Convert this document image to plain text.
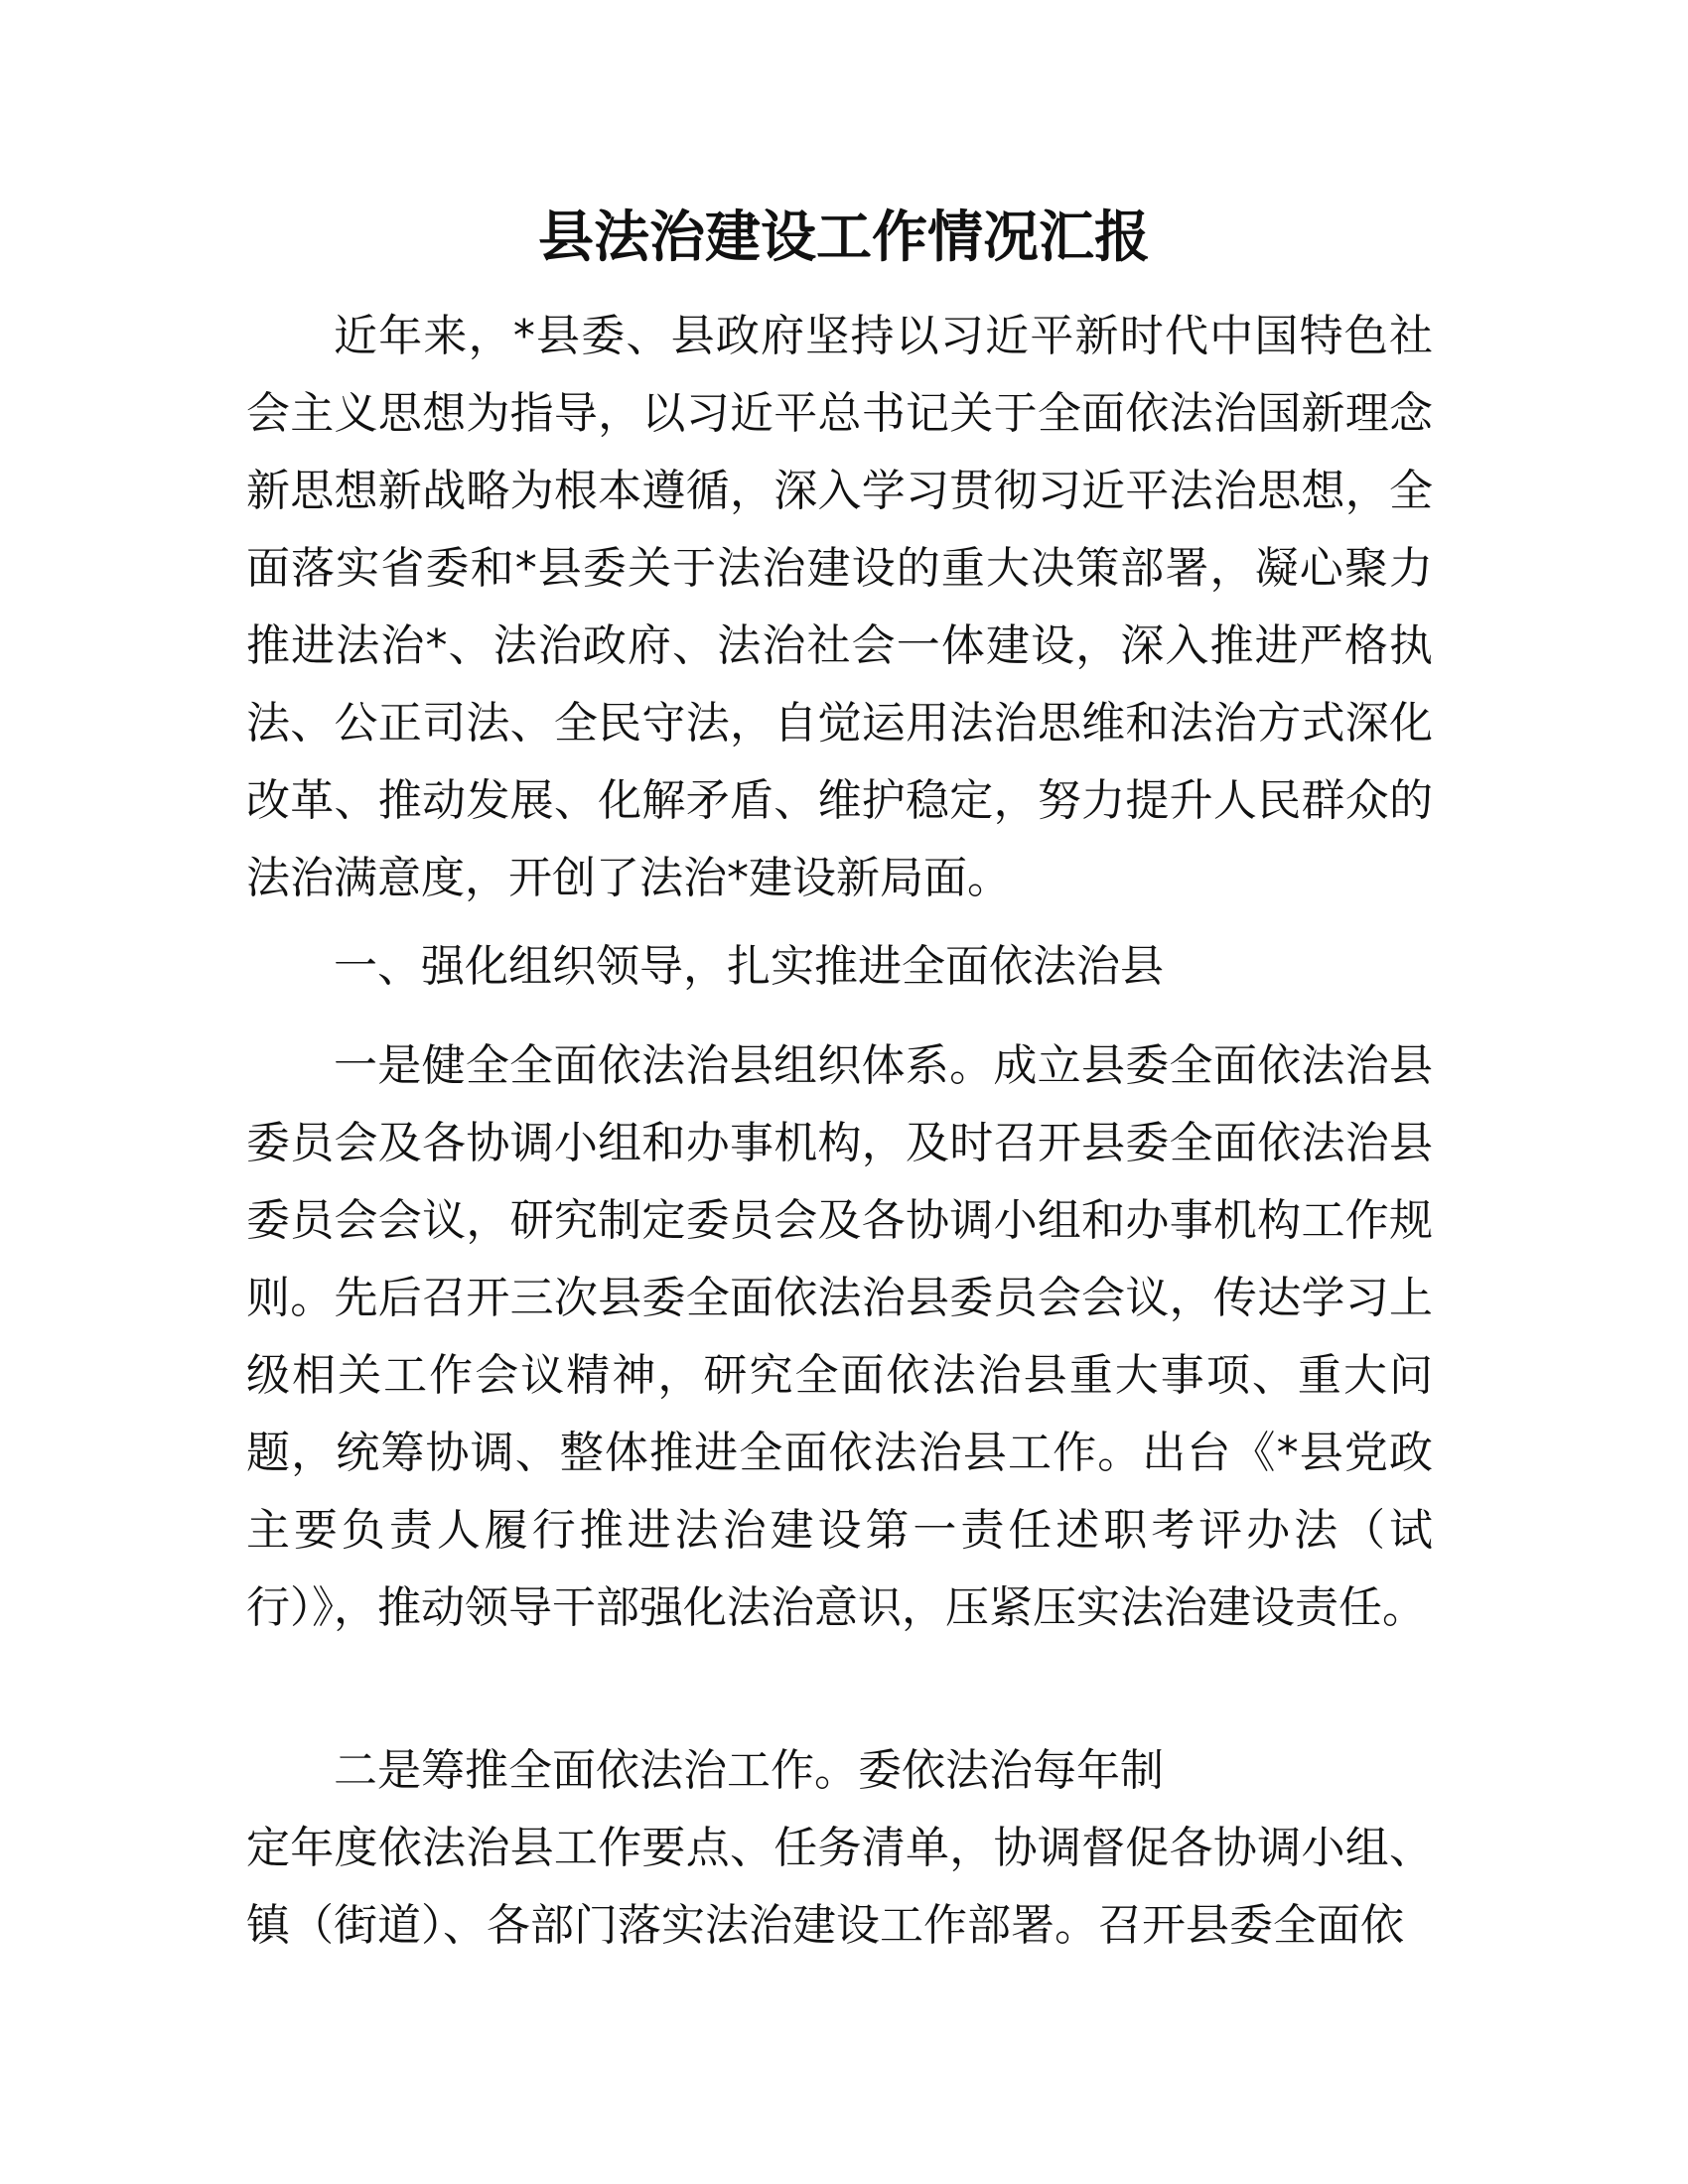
县法治建设工作情况汇报

近年来，*县委、县政府坚持以习近平新时代中国特色社会主义思想为指导，以习近平总书记关于全面依法治国新理念新思想新战略为根本遵循，深入学习贯彻习近平法治思想，全面落实省委和*县委关于法治建设的重大决策部署，凝心聚力推进法治*、法治政府、法治社会一体建设，深入推进严格执法、公正司法、全民守法，自觉运用法治思维和法治方式深化改革、推动发展、化解矛盾、维护稳定，努力提升人民群众的法治满意度，开创了法治*建设新局面。

一、强化组织领导，扎实推进全面依法治县

一是健全全面依法治县组织体系。成立县委全面依法治县委员会及各协调小组和办事机构，及时召开县委全面依法治县委员会会议，研究制定委员会及各协调小组和办事机构工作规则。先后召开三次县委全面依法治县委员会会议，传达学习上级相关工作会议精神，研究全面依法治县重大事项、重大问题，统筹协调、整体推进全面依法治县工作。出台《*县党政主要负责人履行推进法治建设第一责任述职考评办法（试行）》，推动领导干部强化法治意识，压紧压实法治建设责任。

二是筹推全面依法治工作。委依法治每年制

定年度依法治县工作要点、任务清单，协调督促各协调小组、镇（街道）、各部门落实法治建设工作部署。召开县委全面依
